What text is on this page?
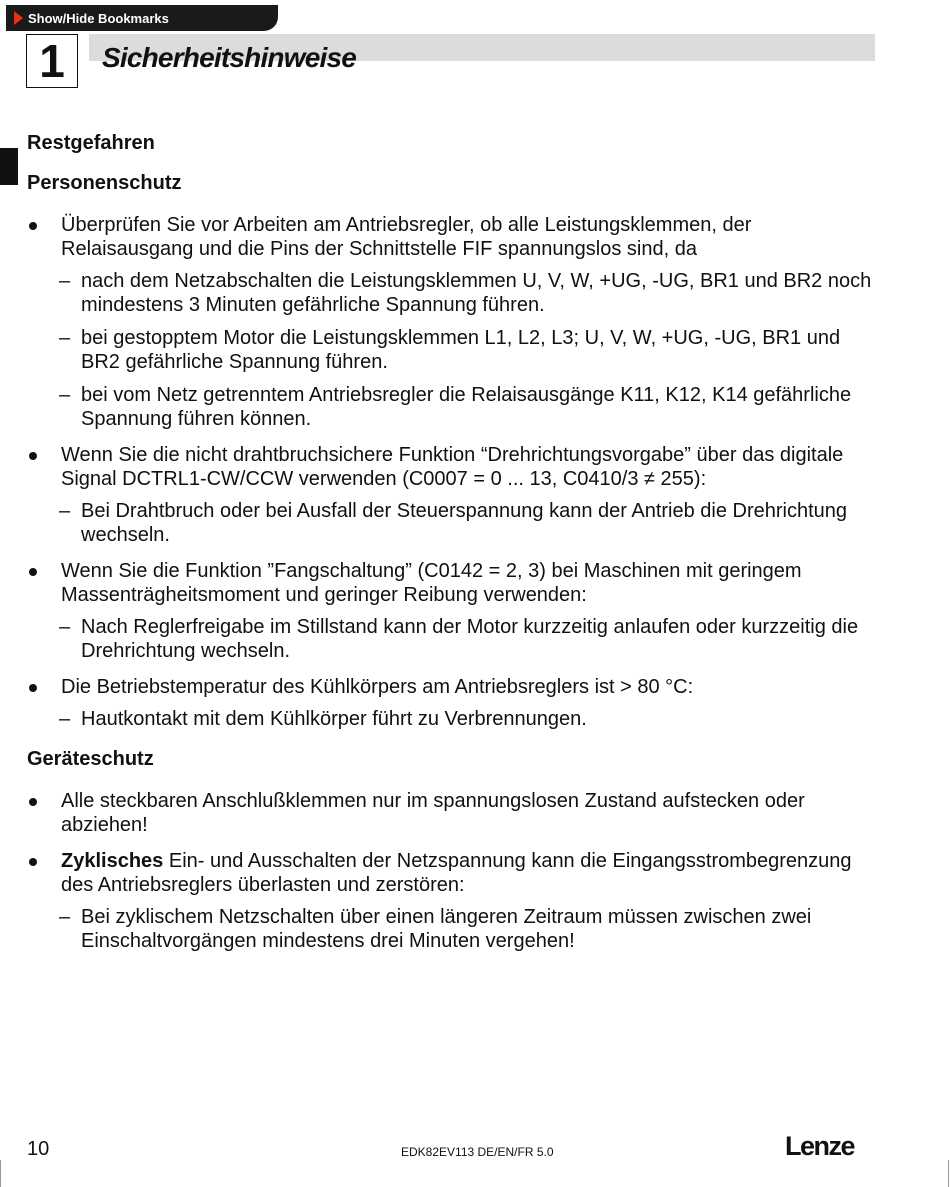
Show/Hide Bookmarks
1	Sicherheitshinweise
Restgefahren
Personenschutz
Überprüfen Sie vor Arbeiten am Antriebsregler, ob alle Leistungsklemmen, der Relaisausgang und die Pins der Schnittstelle FIF spannungslos sind, da
– nach dem Netzabschalten die Leistungsklemmen U, V, W, +UG, -UG, BR1 und BR2 noch mindestens 3 Minuten gefährliche Spannung führen.
– bei gestopptem Motor die Leistungsklemmen L1, L2, L3; U, V, W, +UG, -UG, BR1 und BR2 gefährliche Spannung führen.
– bei vom Netz getrenntem Antriebsregler die Relaisausgänge K11, K12, K14 gefährliche Spannung führen können.
Wenn Sie die nicht drahtbruchsichere Funktion “Drehrichtungsvorgabe” über das digitale Signal DCTRL1-CW/CCW verwenden (C0007 = 0 ... 13, C0410/3 ≠ 255):
– Bei Drahtbruch oder bei Ausfall der Steuerspannung kann der Antrieb die Drehrichtung wechseln.
Wenn Sie die Funktion ”Fangschaltung” (C0142 = 2, 3) bei Maschinen mit geringem Massenträgheitsmoment und geringer Reibung verwenden:
– Nach Reglerfreigabe im Stillstand kann der Motor kurzzeitig anlaufen oder kurzzeitig die Drehrichtung wechseln.
Die Betriebstemperatur des Kühlkörpers am Antriebsreglers ist > 80 °C:
– Hautkontakt mit dem Kühlkörper führt zu Verbrennungen.
Geräteschutz
Alle steckbaren Anschlußklemmen nur im spannungslosen Zustand aufstecken oder abziehen!
Zyklisches Ein- und Ausschalten der Netzspannung kann die Eingangsstrombegrenzung des Antriebsreglers überlasten und zerstören:
– Bei zyklischem Netzschalten über einen längeren Zeitraum müssen zwischen zwei Einschaltvorgängen mindestens drei Minuten vergehen!
10	EDK82EV113 DE/EN/FR 5.0	Lenze
